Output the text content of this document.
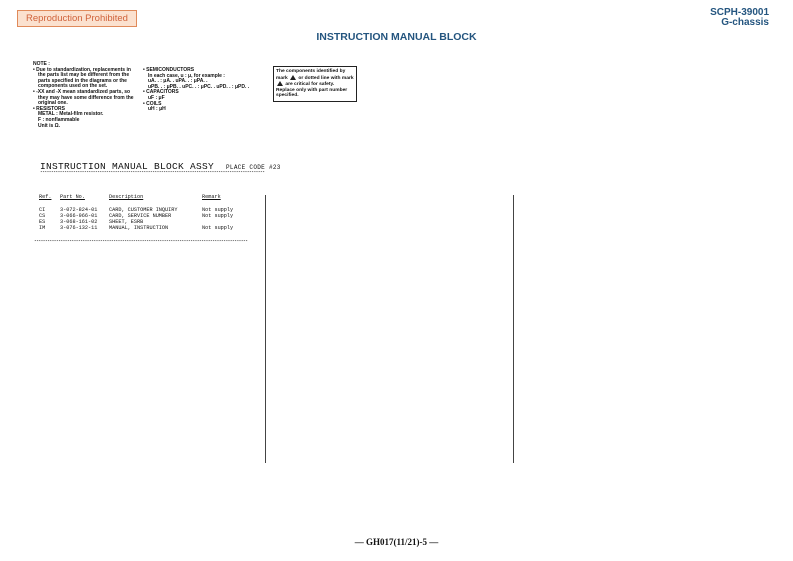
Reproduction Prohibited
SCPH-39001
G-chassis
INSTRUCTION MANUAL BLOCK
NOTE :
• Due to standardization, replacements in
the parts list may be different from the
parts specified in the diagrams or the
components used on the set.
• -XX and -X mean standardized parts, so
they may have some difference from the
original one.
• RESISTORS
METAL : Metal-film resistor.
F : nonflammable
Unit is Ω.
• SEMICONDUCTORS
In each case, u : μ, for example :
uA. . : μA. . uPA. . : μPA. .
uPB. . : μPB. . uPC. . : μPC. . uPD. . : μPD. .
• CAPACITORS
uF : μF
• COILS
uH : μH
The components identified by
mark or dotted line with mark
are critical for safety.
Replace only with part number
specified.
INSTRUCTION MANUAL BLOCK ASSY PLACE CODE #23
******************************************************************************************************
Ref. Part No.	Description	Remark
CI	3-072-824-01 CARD, CUSTOMER INQUIRY	Not supply
CS	3-066-966-01 CARD, SERVICE NUMBER	Not supply
ES	3-068-161-02 SHEET, ESRB
IM	3-076-132-11 MANUAL, INSTRUCTION	Not supply
*************************************************************************************************
— GH017(11/21)-5 —
